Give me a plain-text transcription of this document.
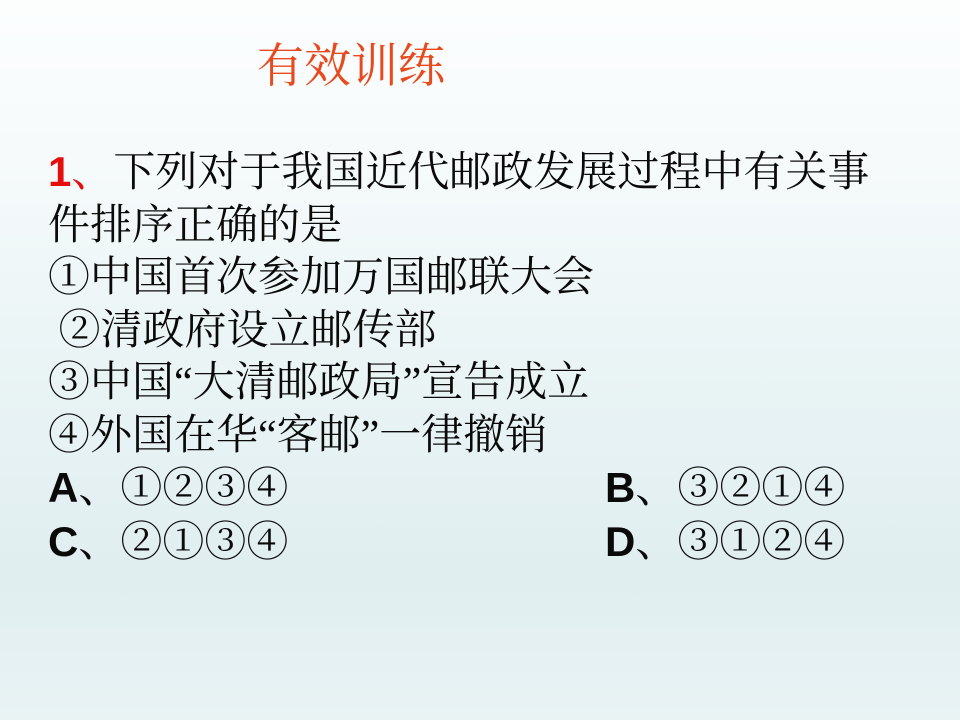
有效训练
1、下列对于我国近代邮政发展过程中有关事
件排序正确的是
①中国首次参加万国邮联大会
②清政府设立邮传部
③中国“大清邮政局”宣告成立
④外国在华“客邮”一律撤销
A、①②③④	B、③②①④
C、②①③④	D、③①②④
